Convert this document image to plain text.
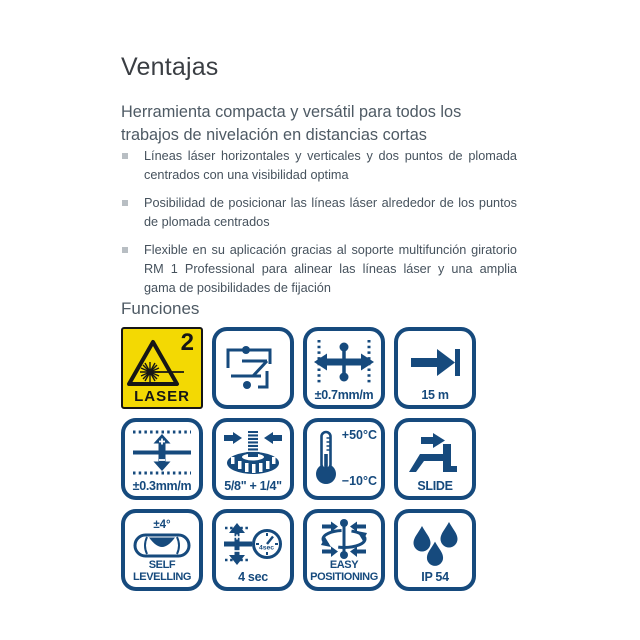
Ventajas

Herramienta compacta y versátil para todos los trabajos de nivelación en distancias cortas

Líneas láser horizontales y verticales y dos puntos de plomada centrados con una visibilidad optima
Posibilidad de posicionar las líneas láser alrededor de los puntos de plomada centrados
Flexible en su aplicación gracias al soporte multifunción giratorio RM 1 Professional para alinear las líneas láser y una amplia gama de posibilidades de fijación
Funciones
2
LASER	±0.7mm/m	15 m
±0.3mm/m	5/8" + 1/4"
+50°C
−10°C	SLIDE
±4°
SELF
LEVELLING
4sec
4 sec
EASY
POSITIONING	IP 54
